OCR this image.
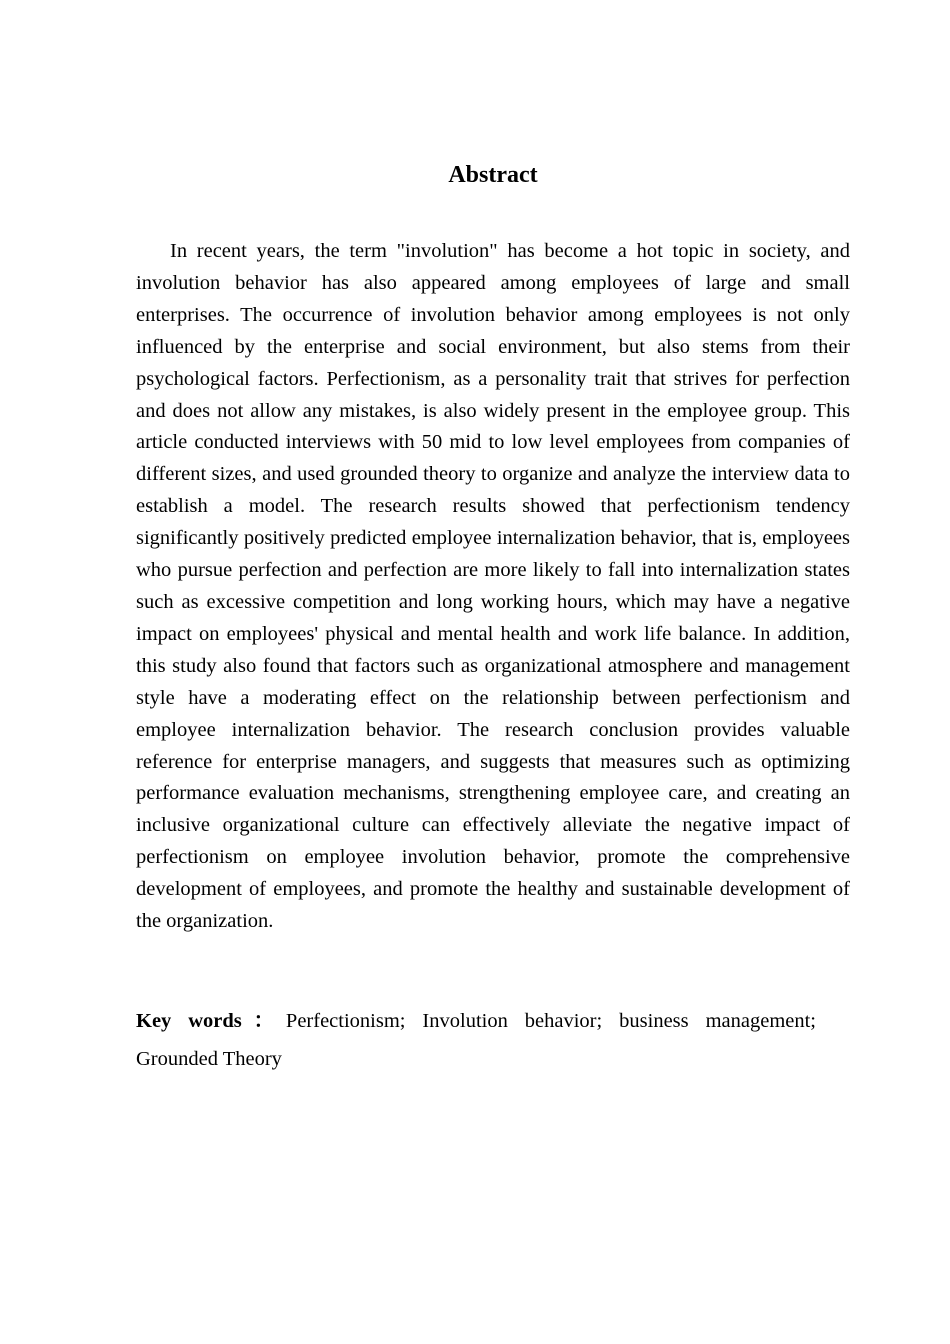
Abstract

In recent years, the term "involution" has become a hot topic in society, and involution behavior has also appeared among employees of large and small enterprises. The occurrence of involution behavior among employees is not only influenced by the enterprise and social environment, but also stems from their psychological factors. Perfectionism, as a personality trait that strives for perfection and does not allow any mistakes, is also widely present in the employee group. This article conducted interviews with 50 mid to low level employees from companies of different sizes, and used grounded theory to organize and analyze the interview data to establish a model. The research results showed that perfectionism tendency significantly positively predicted employee internalization behavior, that is, employees who pursue perfection and perfection are more likely to fall into internalization states such as excessive competition and long working hours, which may have a negative impact on employees' physical and mental health and work life balance. In addition, this study also found that factors such as organizational atmosphere and management style have a moderating effect on the relationship between perfectionism and employee internalization behavior. The research conclusion provides valuable reference for enterprise managers, and suggests that measures such as optimizing performance evaluation mechanisms, strengthening employee care, and creating an inclusive organizational culture can effectively alleviate the negative impact of perfectionism on employee involution behavior, promote the comprehensive development of employees, and promote the healthy and sustainable development of the organization.

Key words：Perfectionism; Involution behavior; business management; Grounded Theory
